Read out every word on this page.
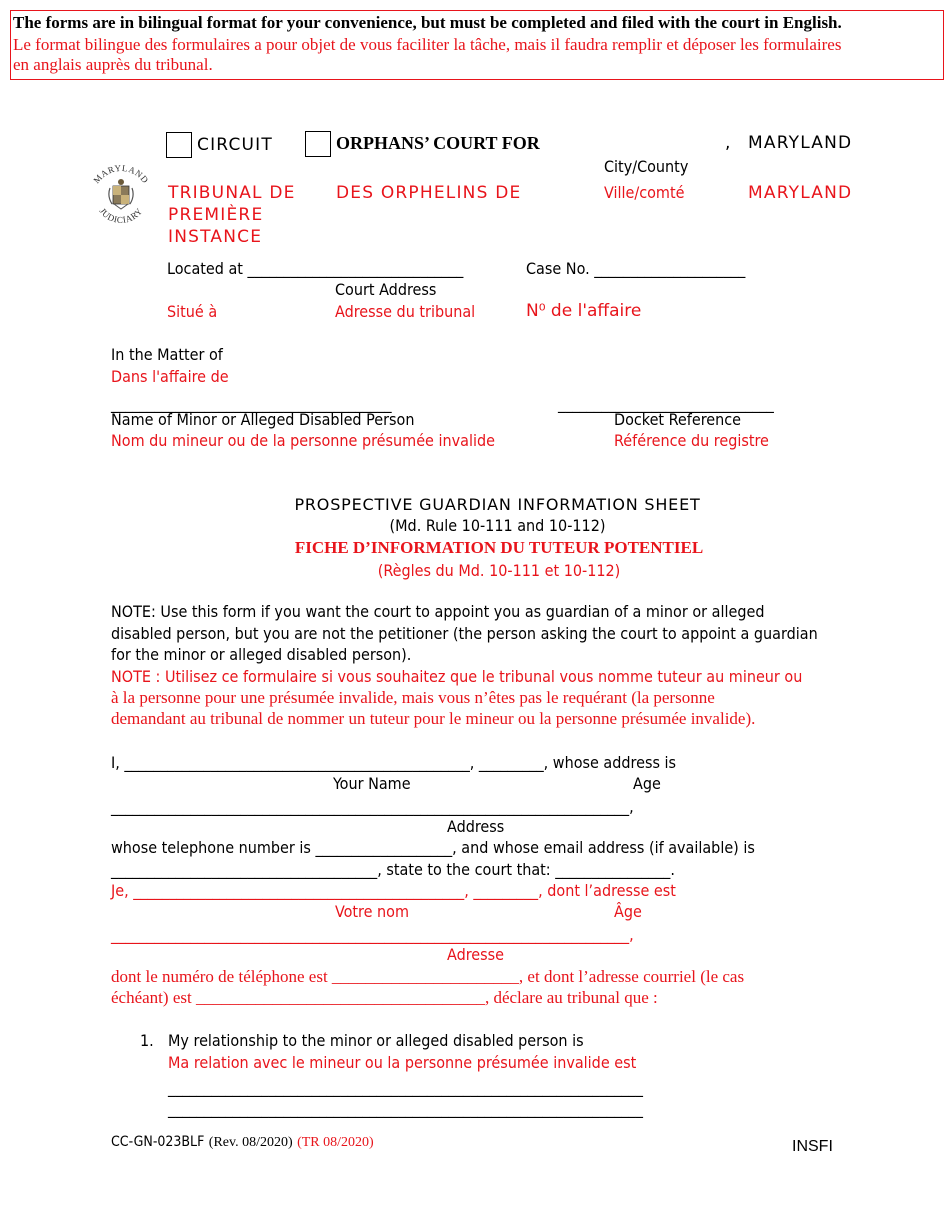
The forms are in bilingual format for your convenience, but must be completed and filed with the court in English.
Le format bilingue des formulaires a pour objet de vous faciliter la tâche, mais il faudra remplir et déposer les formulaires
en anglais auprès du tribunal.
MARYLAND
JUDICIARY
CIRCUIT	ORPHANS’ COURT FOR	, MARYLAND
City/County
TRIBUNAL DE
PREMIÈRE
INSTANCE
DES ORPHELINS DE	Ville/comté	MARYLAND
Located at ______________________________	Case No. _____________________
Court Address
Situé à	Adresse du tribunal	N⁰ de l'affaire
In the Matter of
Dans l'affaire de
_______________________________________	______________________________
Name of Minor or Alleged Disabled Person	Docket Reference
Nom du mineur ou de la personne présumée invalide	Référence du registre
PROSPECTIVE GUARDIAN INFORMATION SHEET
(Md. Rule 10-111 and 10-112)
FICHE D’INFORMATION DU TUTEUR POTENTIEL
(Règles du Md. 10-111 et 10-112)
NOTE: Use this form if you want the court to appoint you as guardian of a minor or alleged
disabled person, but you are not the petitioner (the person asking the court to appoint a guardian
for the minor or alleged disabled person).
NOTE : Utilisez ce formulaire si vous souhaitez que le tribunal vous nomme tuteur au mineur ou
à la personne pour une présumée invalide, mais vous n’êtes pas le requérant (la personne
demandant au tribunal de nommer un tuteur pour le mineur ou la personne présumée invalide).
I, ________________________________________________, _________, whose address is
Your Name	Age
________________________________________________________________________,
Address
whose telephone number is ___________________, and whose email address (if available) is
_____________________________________, state to the court that: ________________.
Je, ______________________________________________, _________, dont l’adresse est
Votre nom	Âge
________________________________________________________________________,
Adresse
dont le numéro de téléphone est ______________________, et dont l’adresse courriel (le cas
échéant) est __________________________________, déclare au tribunal que :
1. My relationship to the minor or alleged disabled person is
Ma relation avec le mineur ou la personne présumée invalide est
__________________________________________________________________
__________________________________________________________________
CC-GN-023BLF (Rev. 08/2020) (TR 08/2020)	INSFI
